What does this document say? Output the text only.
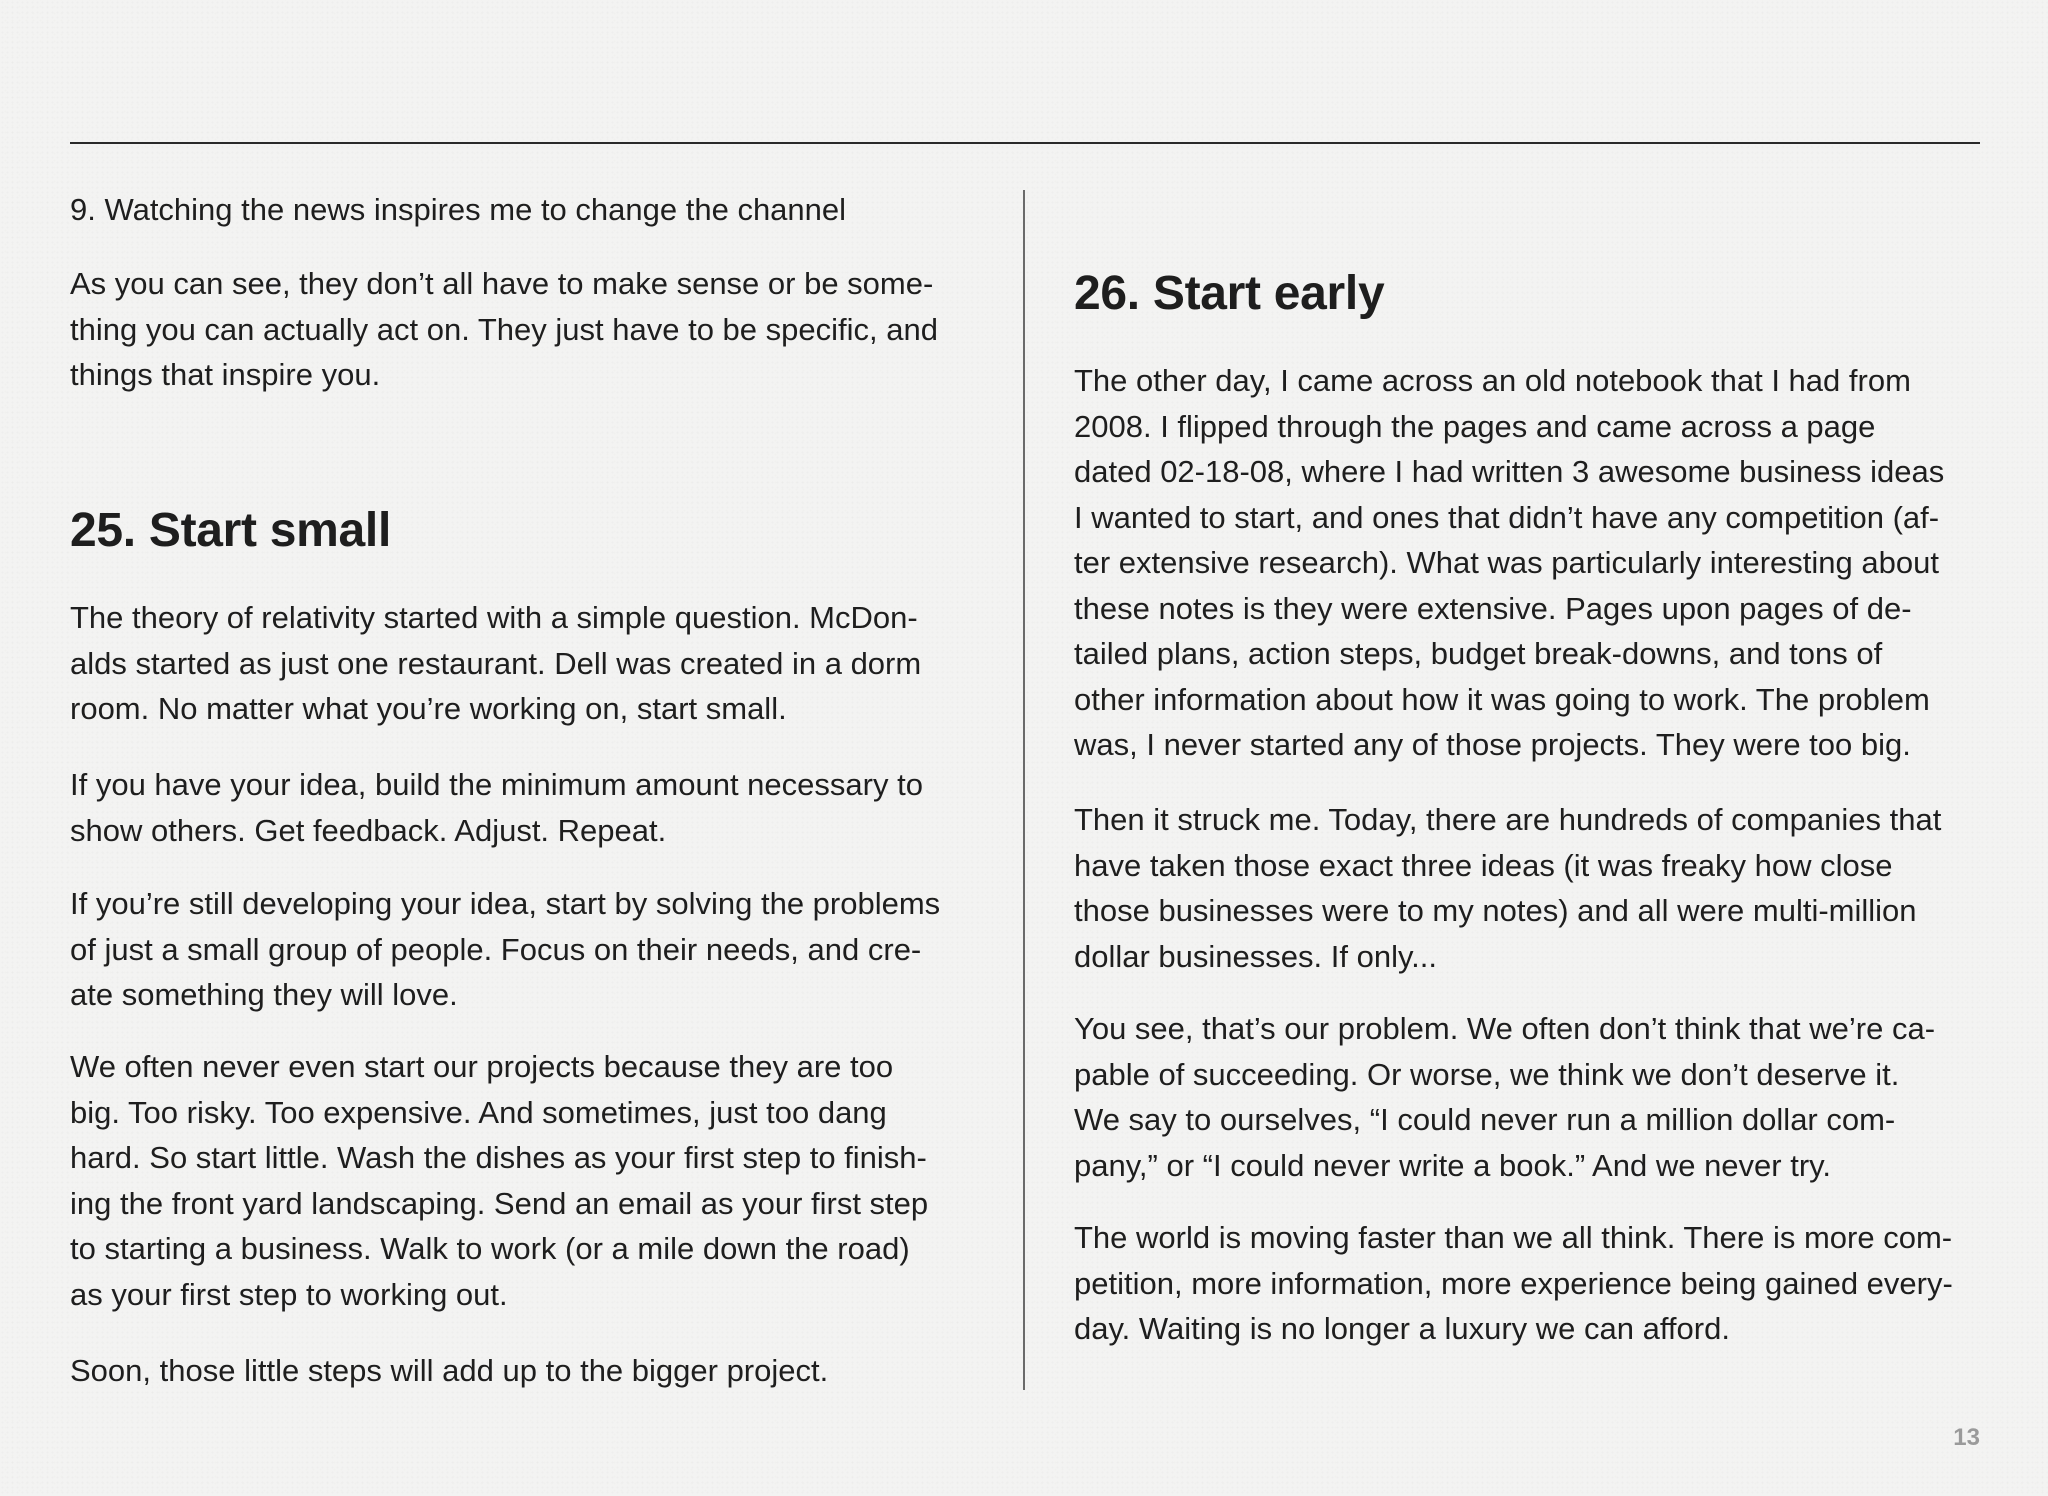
9. Watching the news inspires me to change the channel

As you can see, they don’t all have to make sense or be some-
thing you can actually act on. They just have to be specific, and
things that inspire you.

25. Start small

The theory of relativity started with a simple question. McDon-
alds started as just one restaurant. Dell was created in a dorm
room. No matter what you’re working on, start small.

If you have your idea, build the minimum amount necessary to
show others. Get feedback. Adjust. Repeat.

If you’re still developing your idea, start by solving the problems
of just a small group of people. Focus on their needs, and cre-
ate something they will love.

We often never even start our projects because they are too
big. Too risky. Too expensive. And sometimes, just too dang
hard. So start little. Wash the dishes as your first step to finish-
ing the front yard landscaping. Send an email as your first step
to starting a business. Walk to work (or a mile down the road)
as your first step to working out.

Soon, those little steps will add up to the bigger project.

26. Start early

The other day, I came across an old notebook that I had from
2008. I flipped through the pages and came across a page
dated 02-18-08, where I had written 3 awesome business ideas
I wanted to start, and ones that didn’t have any competition (af-
ter extensive research). What was particularly interesting about
these notes is they were extensive. Pages upon pages of de-
tailed plans, action steps, budget break-downs, and tons of
other information about how it was going to work. The problem
was, I never started any of those projects. They were too big.

Then it struck me. Today, there are hundreds of companies that
have taken those exact three ideas (it was freaky how close
those businesses were to my notes) and all were multi-million
dollar businesses. If only...

You see, that’s our problem. We often don’t think that we’re ca-
pable of succeeding. Or worse, we think we don’t deserve it.
We say to ourselves, “I could never run a million dollar com-
pany,” or “I could never write a book.” And we never try.

The world is moving faster than we all think. There is more com-
petition, more information, more experience being gained every-
day. Waiting is no longer a luxury we can afford.

13
